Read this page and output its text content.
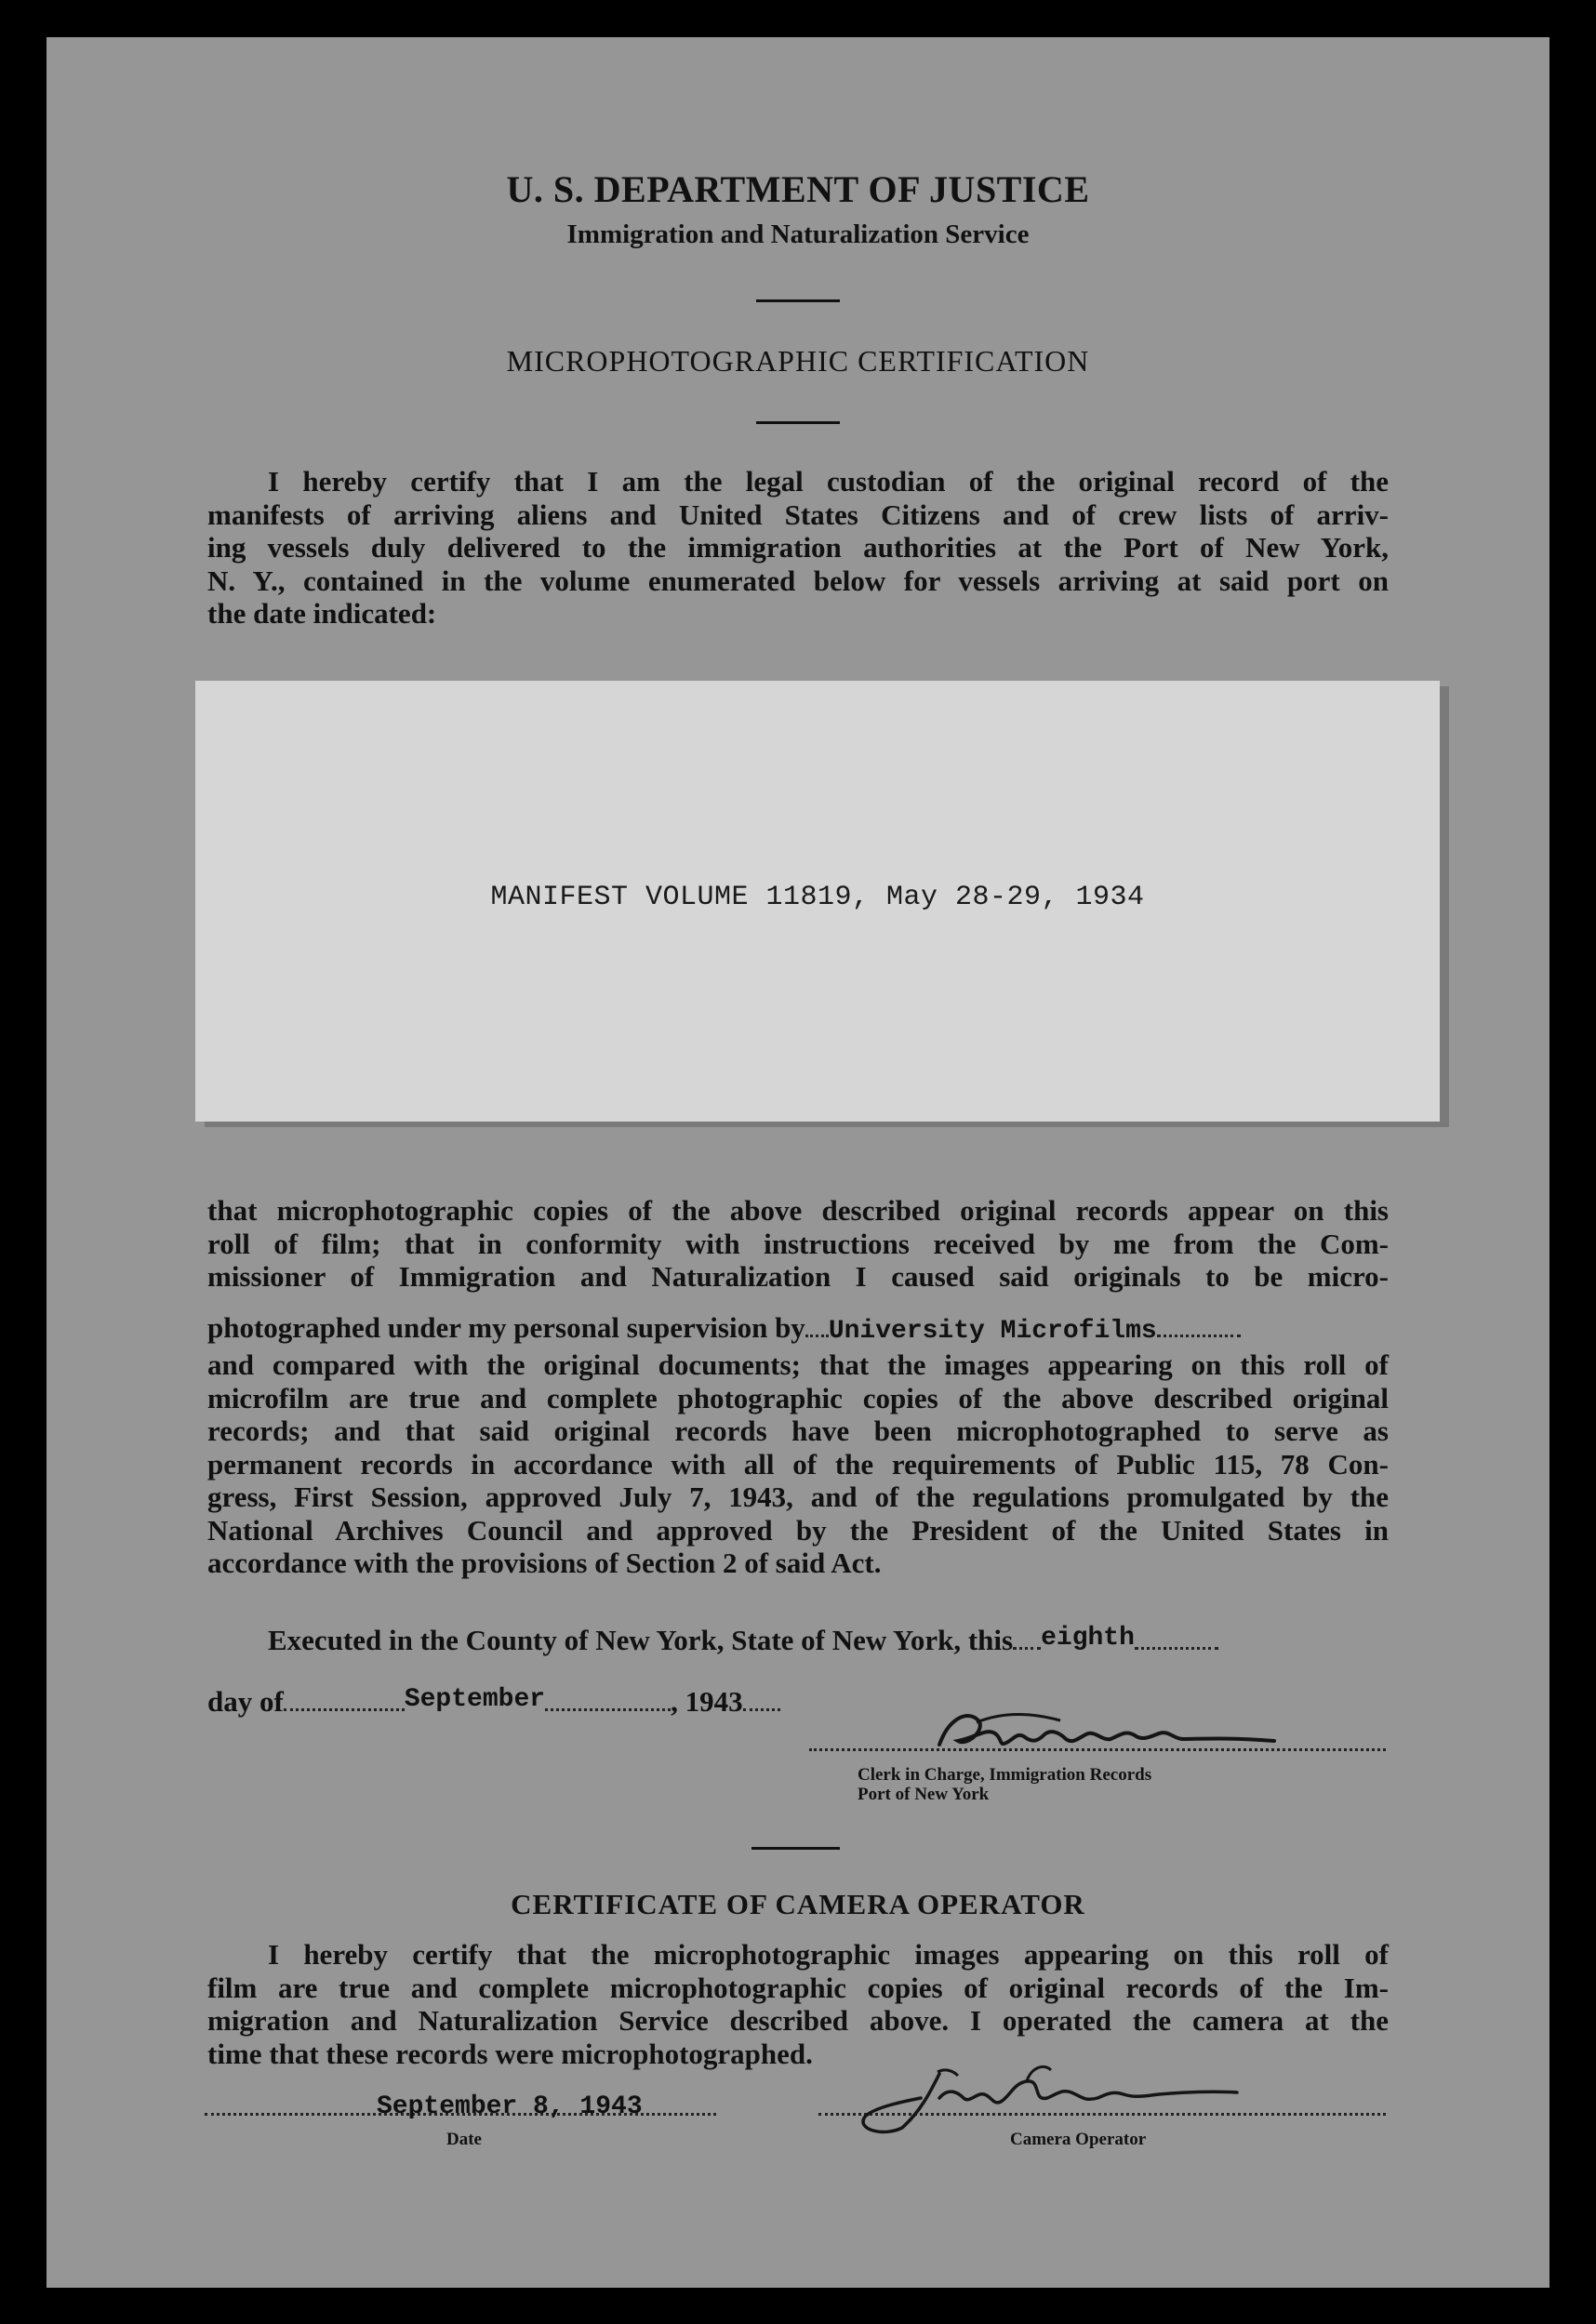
U. S. DEPARTMENT OF JUSTICE
Immigration and Naturalization Service
MICROPHOTOGRAPHIC CERTIFICATION
I hereby certify that I am the legal custodian of the original record of the
manifests of arriving aliens and United States Citizens and of crew lists of arriv-
ing vessels duly delivered to the immigration authorities at the Port of New York,
N. Y., contained in the volume enumerated below for vessels arriving at said port on
the date indicated:
MANIFEST VOLUME 11819, May 28-29, 1934
that microphotographic copies of the above described original records appear on this
roll of film; that in conformity with instructions received by me from the Com-
missioner of Immigration and Naturalization I caused said originals to be micro-
photographed under my personal supervision by University Microfilms
and compared with the original documents; that the images appearing on this roll of
microfilm are true and complete photographic copies of the above described original
records; and that said original records have been microphotographed to serve as
permanent records in accordance with all of the requirements of Public 115, 78 Con-
gress, First Session, approved July 7, 1943, and of the regulations promulgated by the
National Archives Council and approved by the President of the United States in
accordance with the provisions of Section 2 of said Act.
Executed in the County of New York, State of New York, this eighth
day of	September	, 1943
Clerk in Charge, Immigration Records
Port of New York
CERTIFICATE OF CAMERA OPERATOR
I hereby certify that the microphotographic images appearing on this roll of
film are true and complete microphotographic copies of original records of the Im-
migration and Naturalization Service described above. I operated the camera at the
time that these records were microphotographed.
September 8, 1943
Date	Camera Operator
